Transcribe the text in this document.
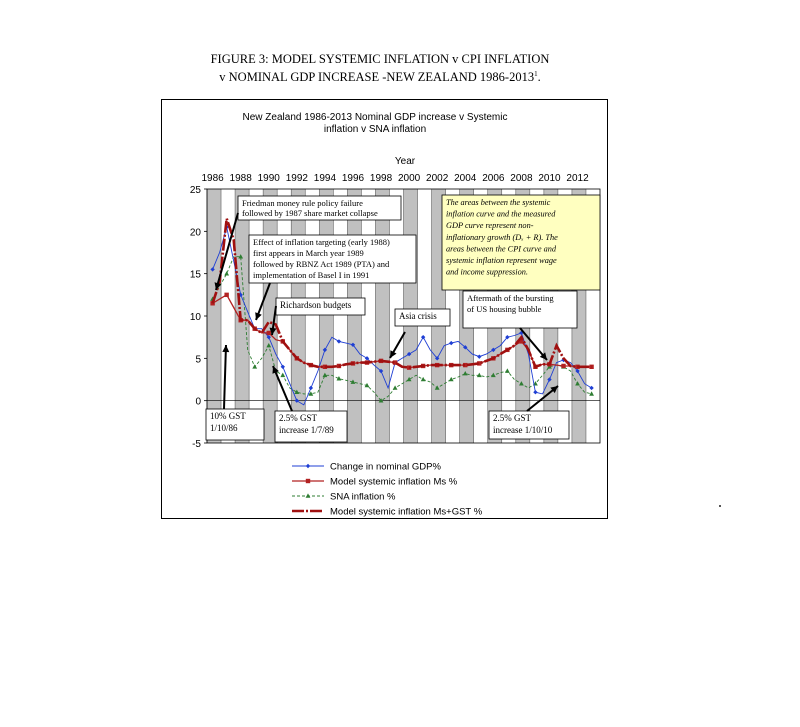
FIGURE 3: MODEL SYSTEMIC INFLATION v CPI INFLATION
v NOMINAL GDP INCREASE -NEW ZEALAND 1986-2013$^1$.
New Zealand 1986-2013 Nominal GDP increase v Systemic
inflation v SNA inflation
Year
-5
0
5
10
15
20
25
1986 1988 1990 1992 1994 1996 1998 2000 2002 2004 2006 2008 2010 2012
Friedman money rule policy failure
followed by 1987 share market collapse
Effect of inflation targeting (early 1988)
first appears in March year 1989
followed by RBNZ Act 1989 (PTA) and
implementation of Basel I in 1991
Richardson budgets
Asia crisis
Aftermath of the bursting
of US housing bubble
The areas between the systemic
inflation curve and the measured
GDP curve represent non-
inflationary growth (Dₓ + R). The
areas between the CPI curve and
systemic inflation represent wage
and income suppression.
10% GST
1/10/86
2.5% GST
increase 1/7/89
2.5% GST
increase 1/10/10
Change in nominal GDP%
Model systemic inflation Ms %
SNA inflation %
Model systemic inflation Ms+GST %
